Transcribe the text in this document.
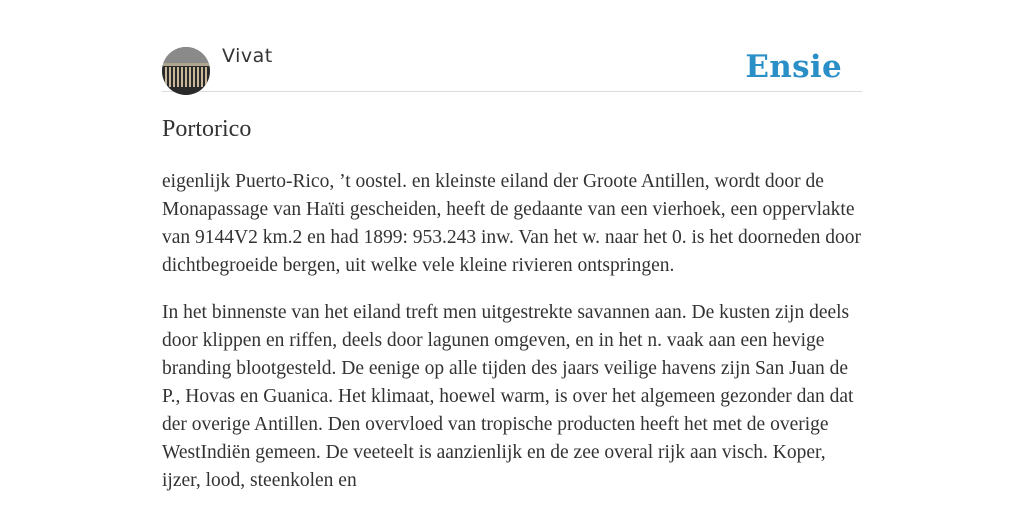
Vivat	Ensie
Portorico

eigenlijk Puerto-Rico, ’t oostel. en kleinste eiland der Groote Antillen, wordt door de Monapassage van Haïti gescheiden, heeft de gedaante van een vierhoek, een oppervlakte van 9144V2 km.2 en had 1899: 953.243 inw. Van het w. naar het 0. is het doorneden door dichtbegroeide bergen, uit welke vele kleine rivieren ontspringen.

In het binnenste van het eiland treft men uitgestrekte savannen aan. De kusten zijn deels door klippen en riffen, deels door lagunen omgeven, en in het n. vaak aan een hevige branding blootgesteld. De eenige op alle tijden des jaars veilige havens zijn San Juan de P., Hovas en Guanica. Het klimaat, hoewel warm, is over het algemeen gezonder dan dat der overige Antillen. Den overvloed van tropische producten heeft het met de overige WestIndiën gemeen. De veeteelt is aanzienlijk en de zee overal rijk aan visch. Koper, ijzer, lood, steenkolen en
